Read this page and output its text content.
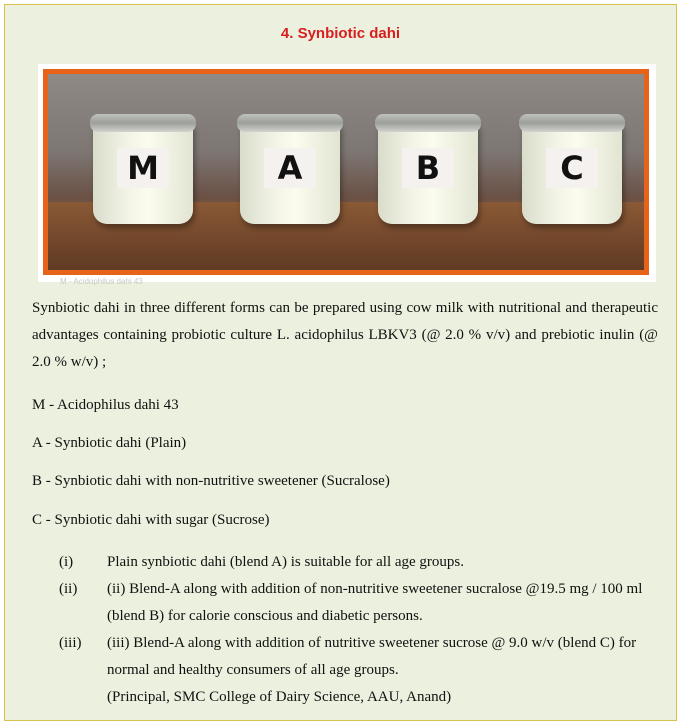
4. Synbiotic dahi
M	A	B	C
M - Acidophilus dahi 43

Synbiotic dahi in three different forms can be prepared using cow milk with nutritional and therapeutic advantages containing probiotic culture L. acidophilus LBKV3 (@ 2.0 % v/v) and prebiotic inulin (@ 2.0 % w/v) ;

M - Acidophilus dahi 43

A - Synbiotic dahi (Plain)

B - Synbiotic dahi with non-nutritive sweetener (Sucralose)

C - Synbiotic dahi with sugar (Sucrose)

(i) Plain synbiotic dahi (blend A) is suitable for all age groups.
(ii) (ii) Blend-A along with addition of non-nutritive sweetener sucralose @19.5 mg / 100 ml (blend B) for calorie conscious and diabetic persons.
(iii) (iii) Blend-A along with addition of nutritive sweetener sucrose @ 9.0 w/v (blend C) for normal and healthy consumers of all age groups.
(Principal, SMC College of Dairy Science, AAU, Anand)
